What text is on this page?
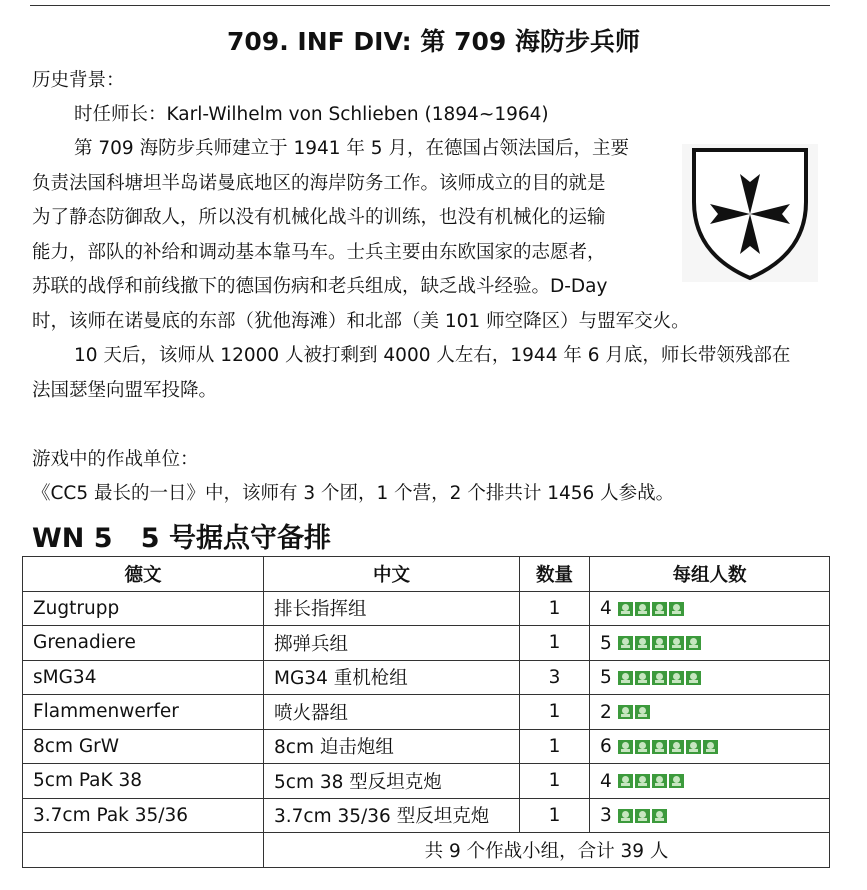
709. INF DIV: 第 709 海防步兵师
历史背景：
时任师长：Karl-Wilhelm von Schlieben (1894~1964)
第 709 海防步兵师建立于 1941 年 5 月，在德国占领法国后，主要
负责法国科塘坦半岛诺曼底地区的海岸防务工作。该师成立的目的就是
为了静态防御敌人，所以没有机械化战斗的训练，也没有机械化的运输
能力，部队的补给和调动基本靠马车。士兵主要由东欧国家的志愿者，
苏联的战俘和前线撤下的德国伤病和老兵组成，缺乏战斗经验。D-Day
时，该师在诺曼底的东部（犹他海滩）和北部（美 101 师空降区）与盟军交火。
10 天后，该师从 12000 人被打剩到 4000 人左右，1944 年 6 月底，师长带领残部在
法国瑟堡向盟军投降。
游戏中的作战单位：
《CC5 最长的一日》中，该师有 3 个团，1 个营，2 个排共计 1456 人参战。
WN 5   5 号据点守备排
德文	中文	数量	每组人数
Zugtrupp	排长指挥组	1	4
Grenadiere	掷弹兵组	1	5
sMG34	MG34 重机枪组	3	5
Flammenwerfer	喷火器组	1	2
8cm GrW	8cm 迫击炮组	1	6
5cm PaK 38	5cm 38 型反坦克炮	1	4
3.7cm Pak 35/36	3.7cm 35/36 型反坦克炮	1	3
	共 9 个作战小组，合计 39 人		
